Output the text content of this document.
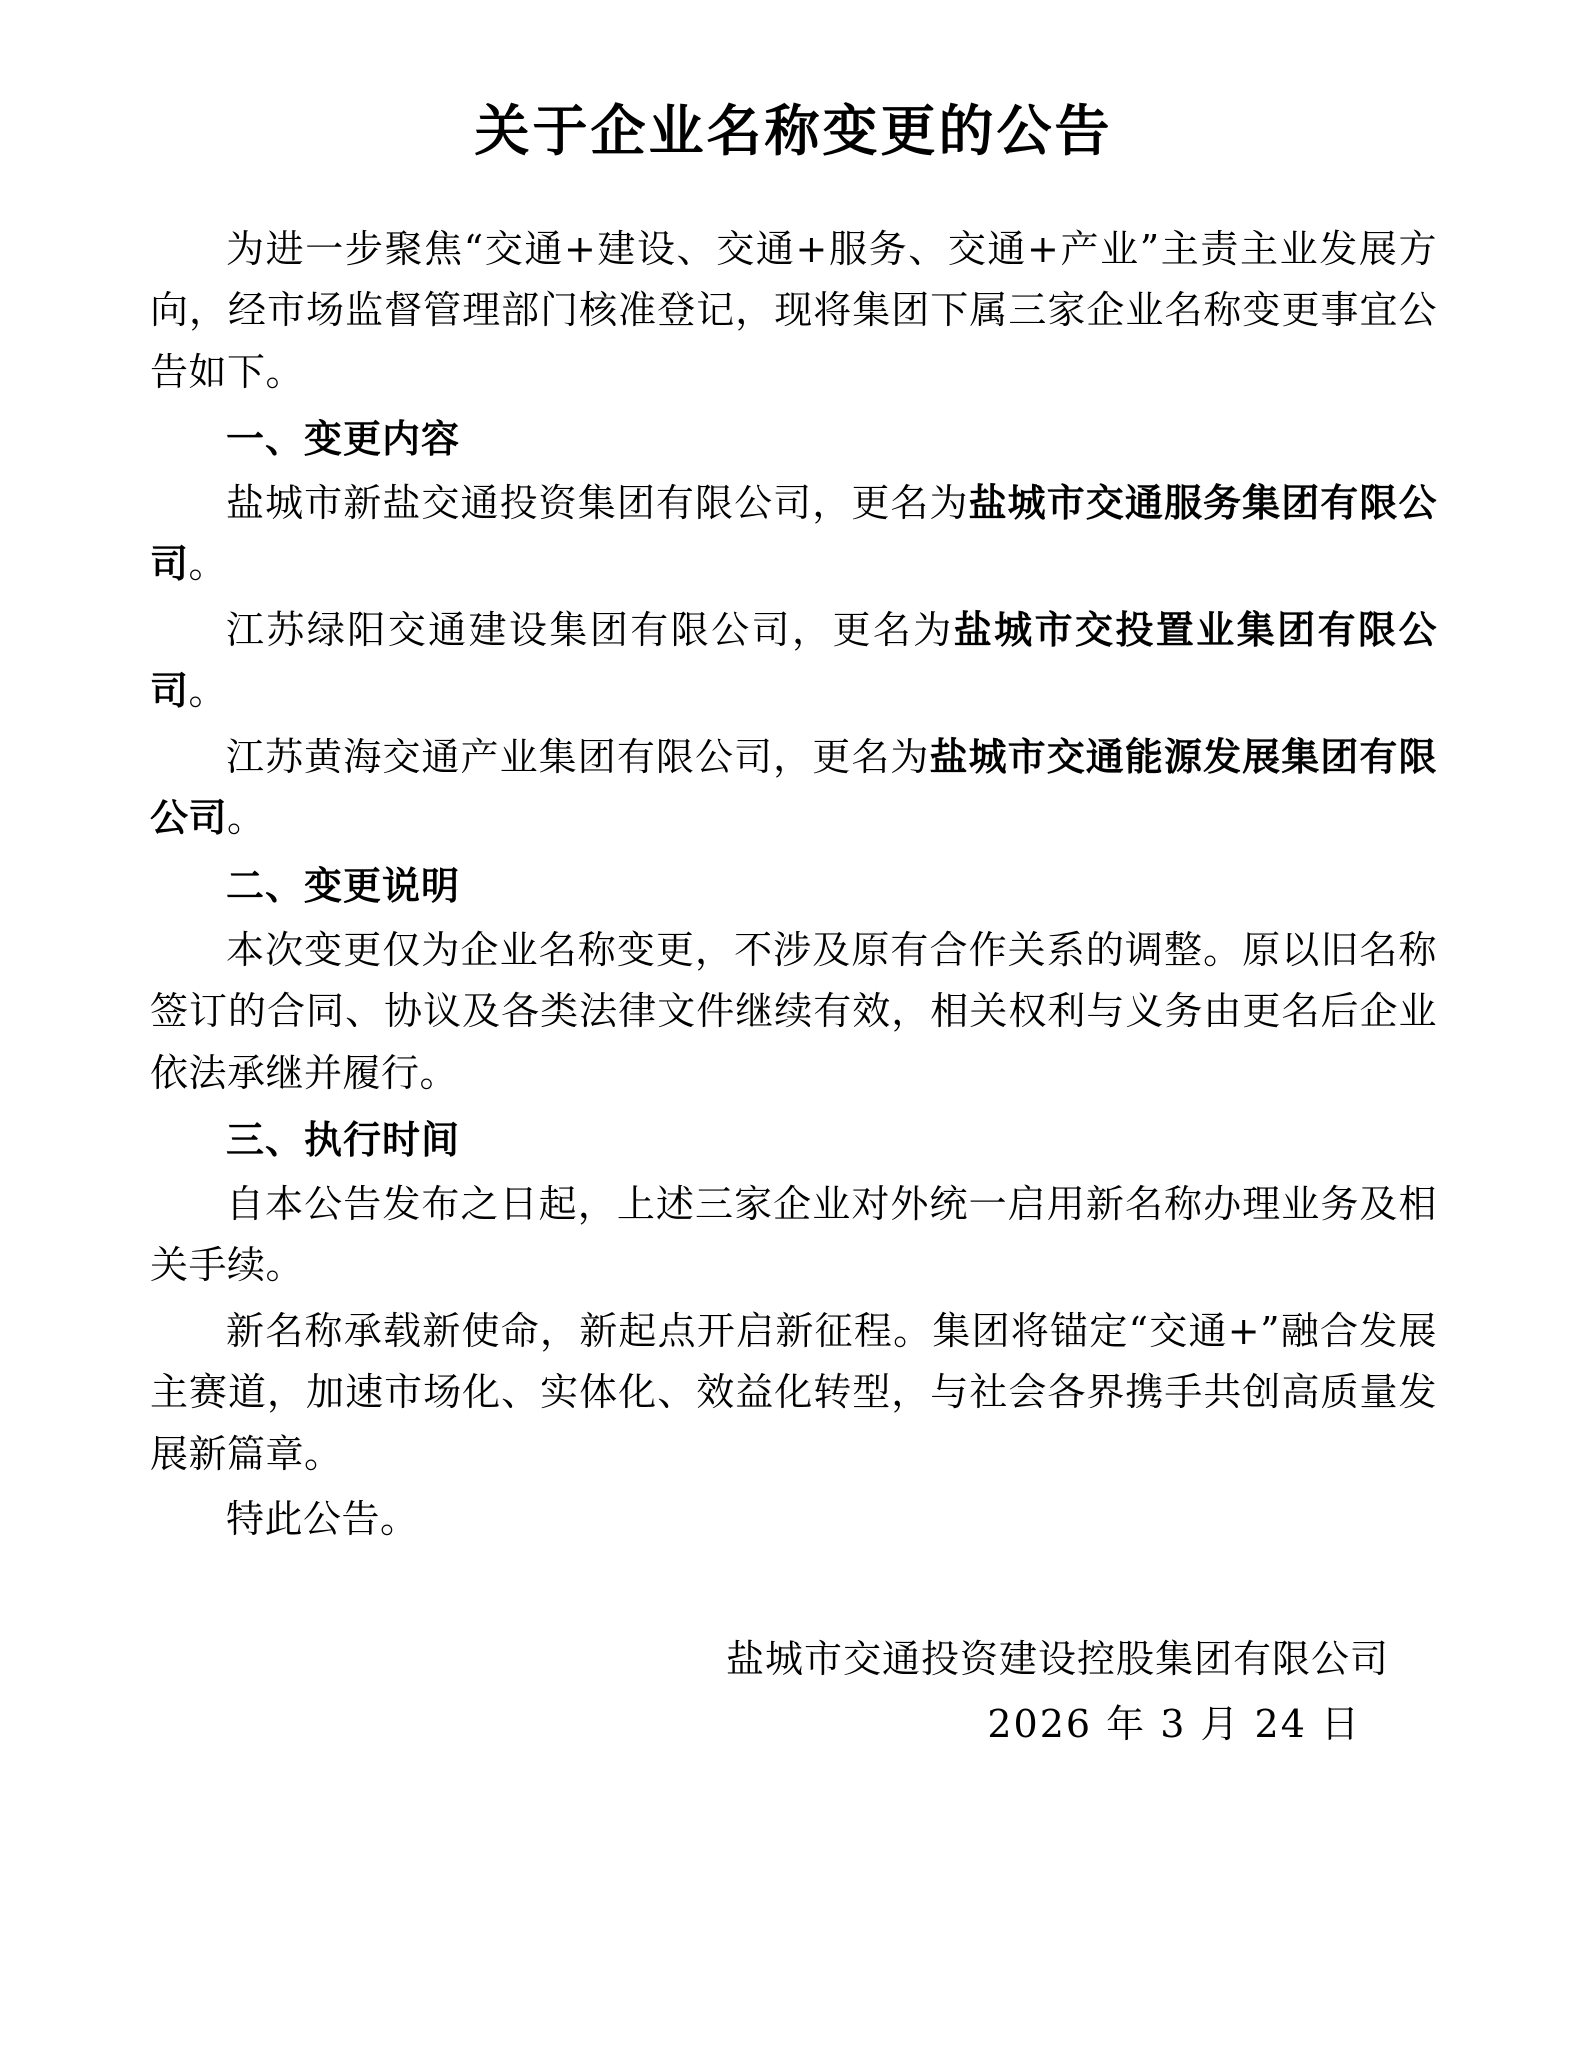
关于企业名称变更的公告

为进一步聚焦“交通+建设、交通+服务、交通+产业”主责主业发展方向，经市场监督管理部门核准登记，现将集团下属三家企业名称变更事宜公告如下。

一、变更内容

盐城市新盐交通投资集团有限公司，更名为盐城市交通服务集团有限公司。

江苏绿阳交通建设集团有限公司，更名为盐城市交投置业集团有限公司。

江苏黄海交通产业集团有限公司，更名为盐城市交通能源发展集团有限公司。

二、变更说明

本次变更仅为企业名称变更，不涉及原有合作关系的调整。原以旧名称签订的合同、协议及各类法律文件继续有效，相关权利与义务由更名后企业依法承继并履行。

三、执行时间

自本公告发布之日起，上述三家企业对外统一启用新名称办理业务及相关手续。

新名称承载新使命，新起点开启新征程。集团将锚定“交通+”融合发展主赛道，加速市场化、实体化、效益化转型，与社会各界携手共创高质量发展新篇章。

特此公告。

盐城市交通投资建设控股集团有限公司
2026 年 3 月 24 日
